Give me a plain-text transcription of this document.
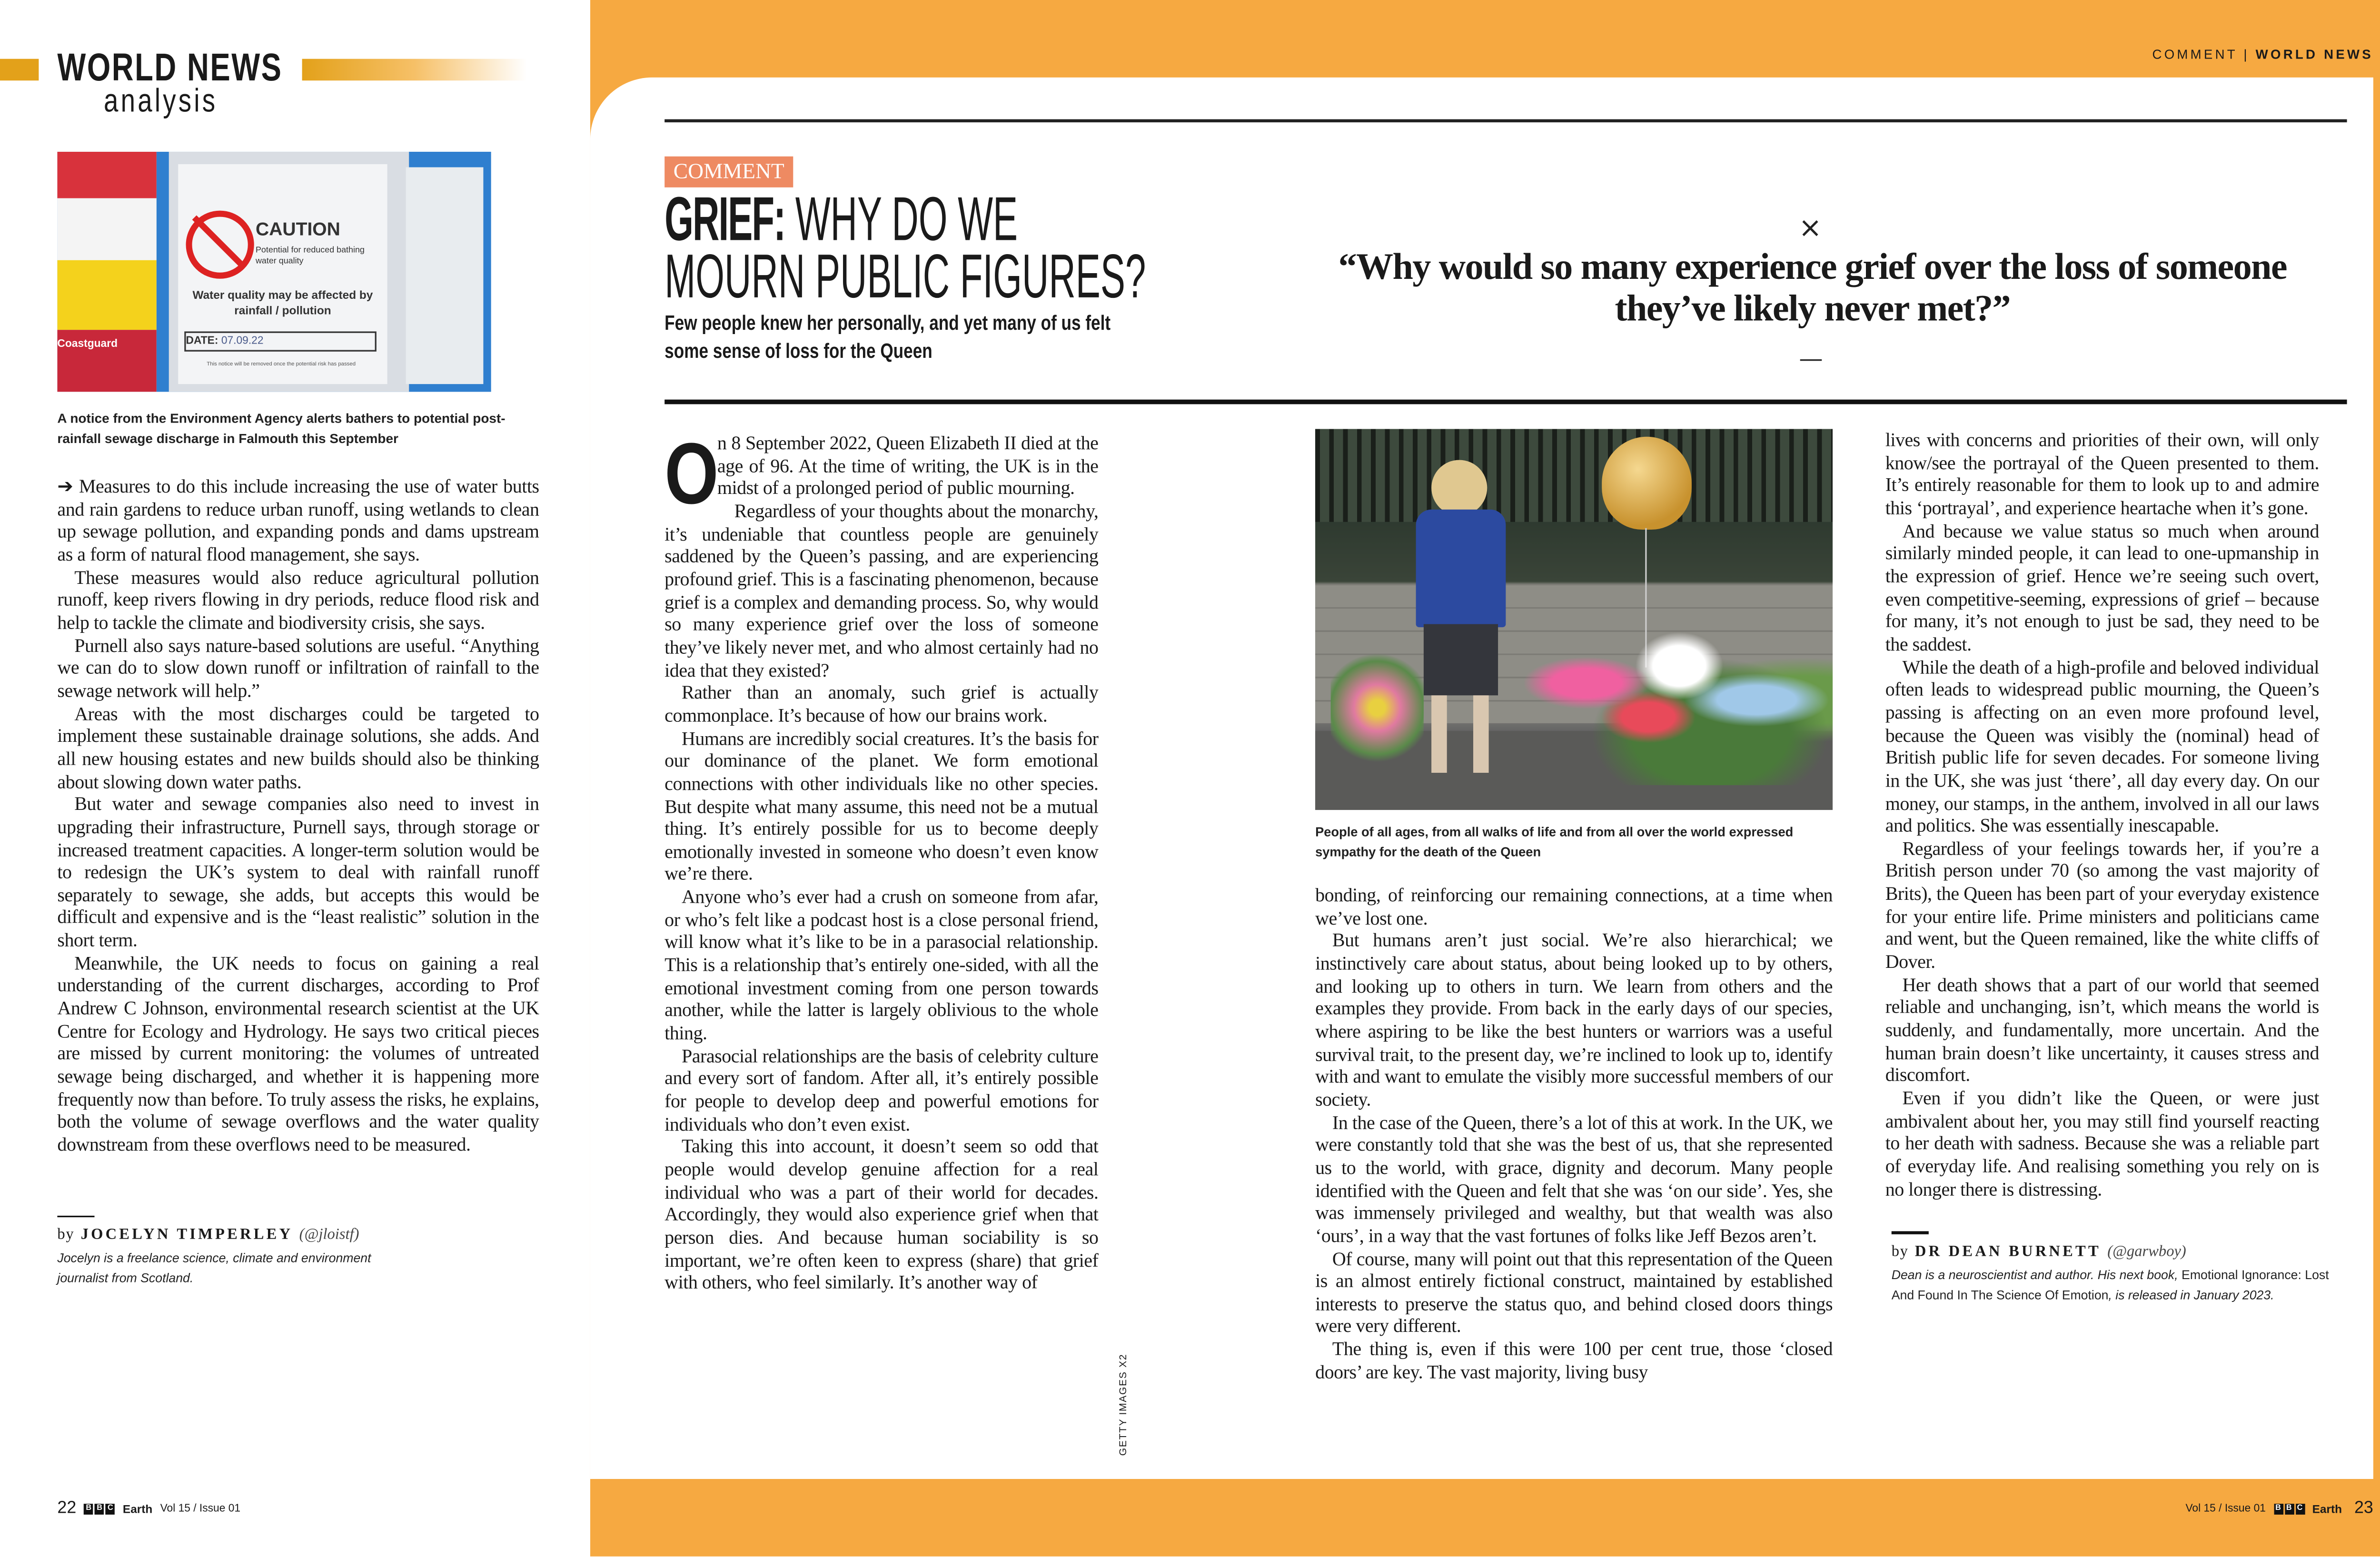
WORLD NEWS
analysis
Coastguard
CAUTION
Potential for reduced bathing water quality
Water quality may be affected by rainfall / pollution
DATE: 07.09.22
This notice will be removed once the potential risk has passed
A notice from the Environment Agency alerts bathers to potential post-rainfall sewage discharge in Falmouth this September

➔ Measures to do this include increasing the use of water butts and rain gardens to reduce urban runoff, using wetlands to clean up sewage pollution, and expanding ponds and dams upstream as a form of natural flood management, she says.

These measures would also reduce agricultural pollution runoff, keep rivers flowing in dry periods, reduce flood risk and help to tackle the climate and biodiversity crisis, she says.

Purnell also says nature-based solutions are useful. “Anything we can do to slow down runoff or infiltration of rainfall to the sewage network will help.”

Areas with the most discharges could be targeted to implement these sustainable drainage solutions, she adds. And all new housing estates and new builds should also be thinking about slowing down water paths.

But water and sewage companies also need to invest in upgrading their infrastructure, Purnell says, through storage or increased treatment capacities. A longer-term solution would be to redesign the UK’s system to deal with rainfall runoff separately to sewage, she adds, but accepts this would be difficult and expensive and is the “least realistic” solution in the short term.

Meanwhile, the UK needs to focus on gaining a real understanding of the current discharges, according to Prof Andrew C Johnson, environmental research scientist at the UK Centre for Ecology and Hydrology. He says two critical pieces are missed by current monitoring: the volumes of untreated sewage being discharged, and whether it is happening more frequently now than before. To truly assess the risks, he explains, both the volume of sewage overflows and the water quality downstream from these overflows need to be measured.

by JOCELYN TIMPERLEY (@jloistf)
Jocelyn is a freelance science, climate and environment journalist from Scotland.
22	B	B	C	Earth Vol 15 / Issue 01
COMMENT | WORLD NEWS
COMMENT
GRIEF: WHY DO WE
MOURN PUBLIC FIGURES?
Few people knew her personally, and yet many of us felt some sense of loss for the Queen
×
“Why would so many experience grief over the loss of someone they’ve likely never met?”
O

n 8 September 2022, Queen Elizabeth II died at the age of 96. At the time of writing, the UK is in the midst of a prolonged period of public mourning.

Regardless of your thoughts about the monarchy, it’s undeniable that countless people are genuinely saddened by the Queen’s passing, and are experiencing profound grief. This is a fascinating phenomenon, because grief is a complex and demanding process. So, why would so many experience grief over the loss of someone they’ve likely never met, and who almost certainly had no idea that they existed?

Rather than an anomaly, such grief is actually commonplace. It’s because of how our brains work.

Humans are incredibly social creatures. It’s the basis for our dominance of the planet. We form emotional connections with other individuals like no other species. But despite what many assume, this need not be a mutual thing. It’s entirely possible for us to become deeply emotionally invested in someone who doesn’t even know we’re there.

Anyone who’s ever had a crush on someone from afar, or who’s felt like a podcast host is a close personal friend, will know what it’s like to be in a parasocial relationship. This is a relationship that’s entirely one-sided, with all the emotional investment coming from one person towards another, while the latter is largely oblivious to the whole thing.

Parasocial relationships are the basis of celebrity culture and every sort of fandom. After all, it’s entirely possible for people to develop deep and powerful emotions for individuals who don’t even exist.

Taking this into account, it doesn’t seem so odd that people would develop genuine affection for a real individual who was a part of their world for decades. Accordingly, they would also experience grief when that person dies. And because human sociability is so important, we’re often keen to express (share) that grief with others, who feel similarly. It’s another way of

GETTY IMAGES X2
People of all ages, from all walks of life and from all over the world expressed sympathy for the death of the Queen

bonding, of reinforcing our remaining connections, at a time when we’ve lost one.

But humans aren’t just social. We’re also hierarchical; we instinctively care about status, about being looked up to by others, and looking up to others in turn. We learn from others and the examples they provide. From back in the early days of our species, where aspiring to be like the best hunters or warriors was a useful survival trait, to the present day, we’re inclined to look up to, identify with and want to emulate the visibly more successful members of our society.

In the case of the Queen, there’s a lot of this at work. In the UK, we were constantly told that she was the best of us, that she represented us to the world, with grace, dignity and decorum. Many people identified with the Queen and felt that she was ‘on our side’. Yes, she was immensely privileged and wealthy, but that wealth was also ‘ours’, in a way that the vast fortunes of folks like Jeff Bezos aren’t.

Of course, many will point out that this representation of the Queen is an almost entirely fictional construct, maintained by established interests to preserve the status quo, and behind closed doors things were very different.

The thing is, even if this were 100 per cent true, those ‘closed doors’ are key. The vast majority, living busy

lives with concerns and priorities of their own, will only know/see the portrayal of the Queen presented to them. It’s entirely reasonable for them to look up to and admire this ‘portrayal’, and experience heartache when it’s gone.

And because we value status so much when around similarly minded people, it can lead to one-upmanship in the expression of grief. Hence we’re seeing such overt, even competitive-seeming, expressions of grief – because for many, it’s not enough to just be sad, they need to be the saddest.

While the death of a high-profile and beloved individual often leads to widespread public mourning, the Queen’s passing is affecting on an even more profound level, because the Queen was visibly the (nominal) head of British public life for seven decades. For someone living in the UK, she was just ‘there’, all day every day. On our money, our stamps, in the anthem, involved in all our laws and politics. She was essentially inescapable.

Regardless of your feelings towards her, if you’re a British person under 70 (so among the vast majority of Brits), the Queen has been part of your everyday existence for your entire life. Prime ministers and politicians came and went, but the Queen remained, like the white cliffs of Dover.

Her death shows that a part of our world that seemed reliable and unchanging, isn’t, which means the world is suddenly, and fundamentally, more uncertain. And the human brain doesn’t like uncertainty, it causes stress and discomfort.

Even if you didn’t like the Queen, or were just ambivalent about her, you may still find yourself reacting to her death with sadness. Because she was a reliable part of everyday life. And realising something you rely on is no longer there is distressing.

by DR DEAN BURNETT (@garwboy)
Dean is a neuroscientist and author. His next book, Emotional Ignorance: Lost And Found In The Science Of Emotion, is released in January 2023.
Vol 15 / Issue 01	B	B	C	Earth 23
